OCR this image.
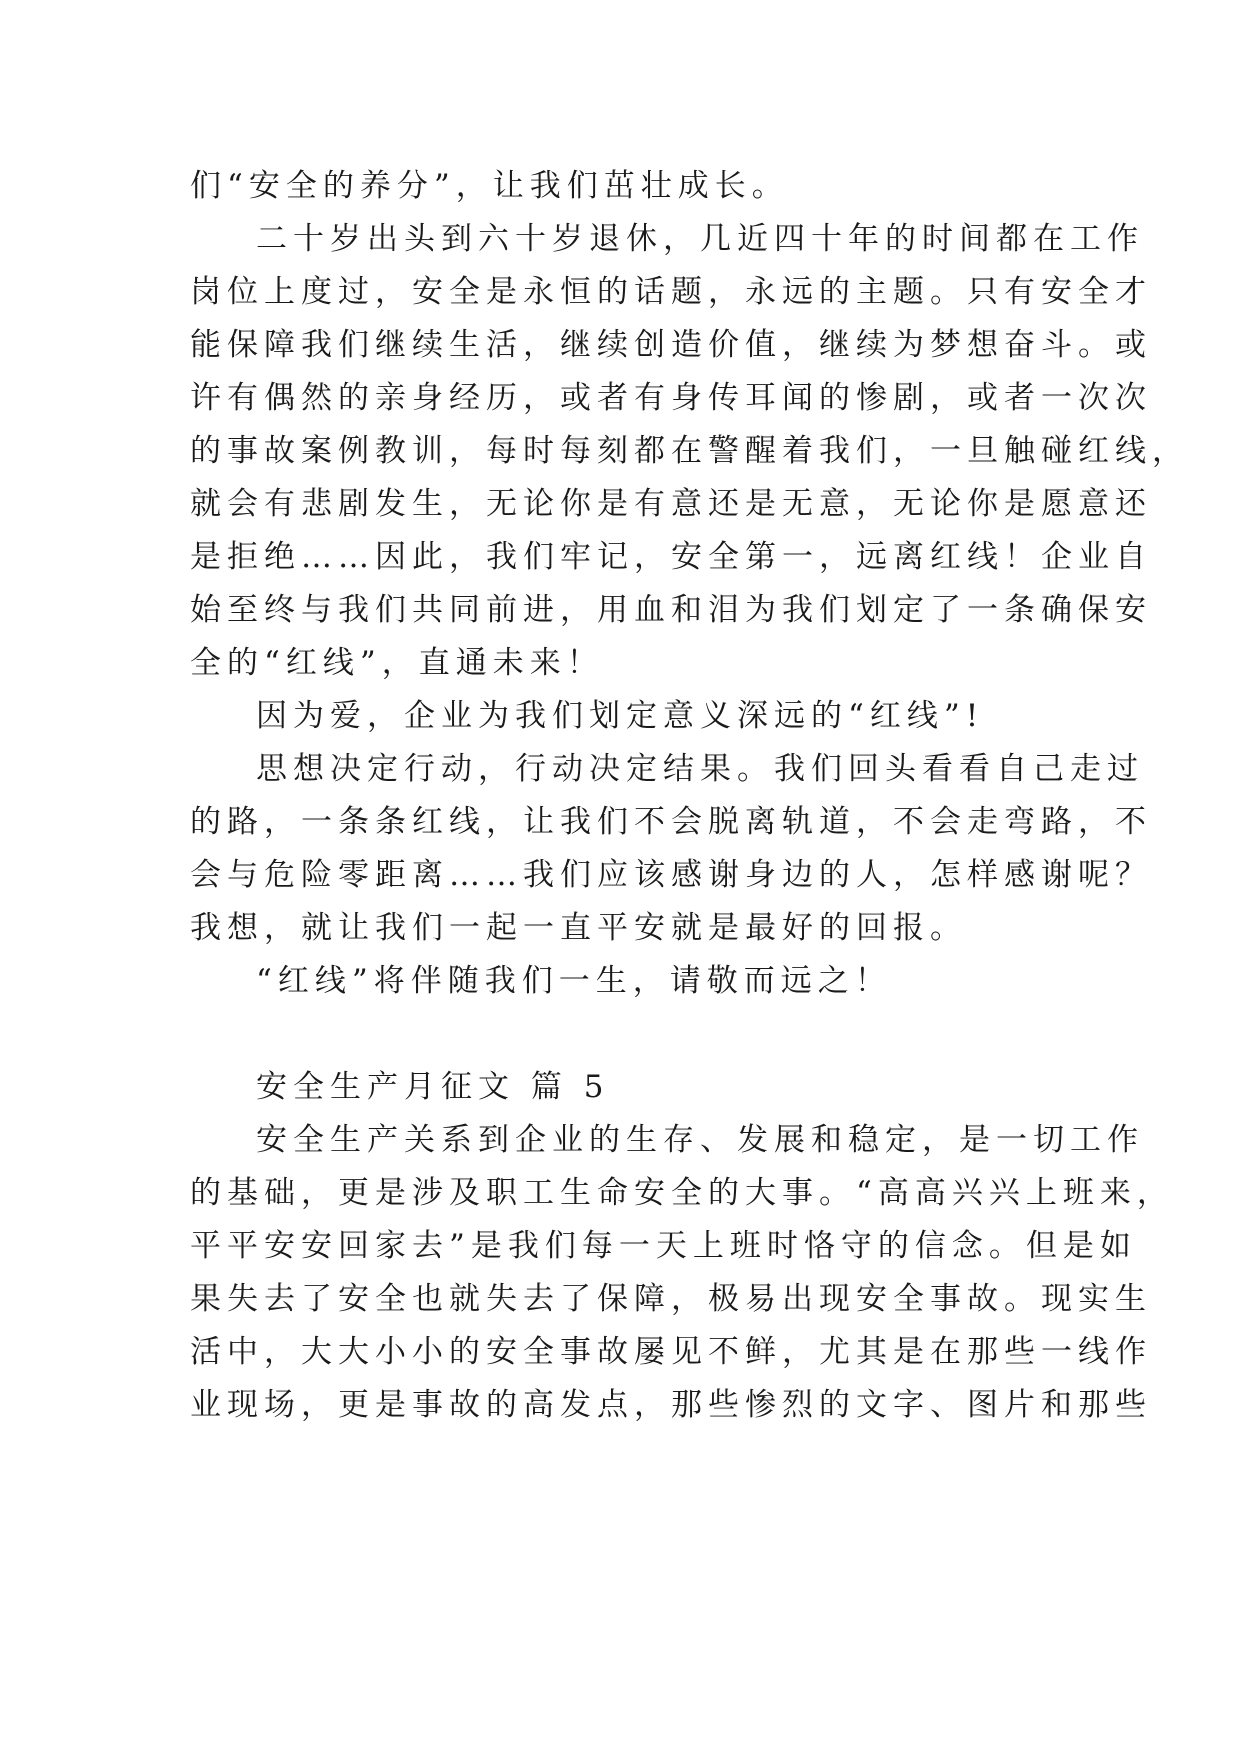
们“安全的养分”，让我们茁壮成长。
二十岁出头到六十岁退休，几近四十年的时间都在工作
岗位上度过，安全是永恒的话题，永远的主题。只有安全才
能保障我们继续生活，继续创造价值，继续为梦想奋斗。或
许有偶然的亲身经历，或者有身传耳闻的惨剧，或者一次次
的事故案例教训，每时每刻都在警醒着我们，一旦触碰红线，
就会有悲剧发生，无论你是有意还是无意，无论你是愿意还
是拒绝……因此，我们牢记，安全第一，远离红线！企业自
始至终与我们共同前进，用血和泪为我们划定了一条确保安
全的“红线”，直通未来！
因为爱，企业为我们划定意义深远的“红线”!
思想决定行动，行动决定结果。我们回头看看自己走过
的路，一条条红线，让我们不会脱离轨道，不会走弯路，不
会与危险零距离……我们应该感谢身边的人，怎样感谢呢？
我想，就让我们一起一直平安就是最好的回报。
“红线”将伴随我们一生，请敬而远之！
安全生产月征文 篇 5
安全生产关系到企业的生存、发展和稳定，是一切工作
的基础，更是涉及职工生命安全的大事。“高高兴兴上班来，
平平安安回家去”是我们每一天上班时恪守的信念。但是如
果失去了安全也就失去了保障，极易出现安全事故。现实生
活中，大大小小的安全事故屡见不鲜，尤其是在那些一线作
业现场，更是事故的高发点，那些惨烈的文字、图片和那些
